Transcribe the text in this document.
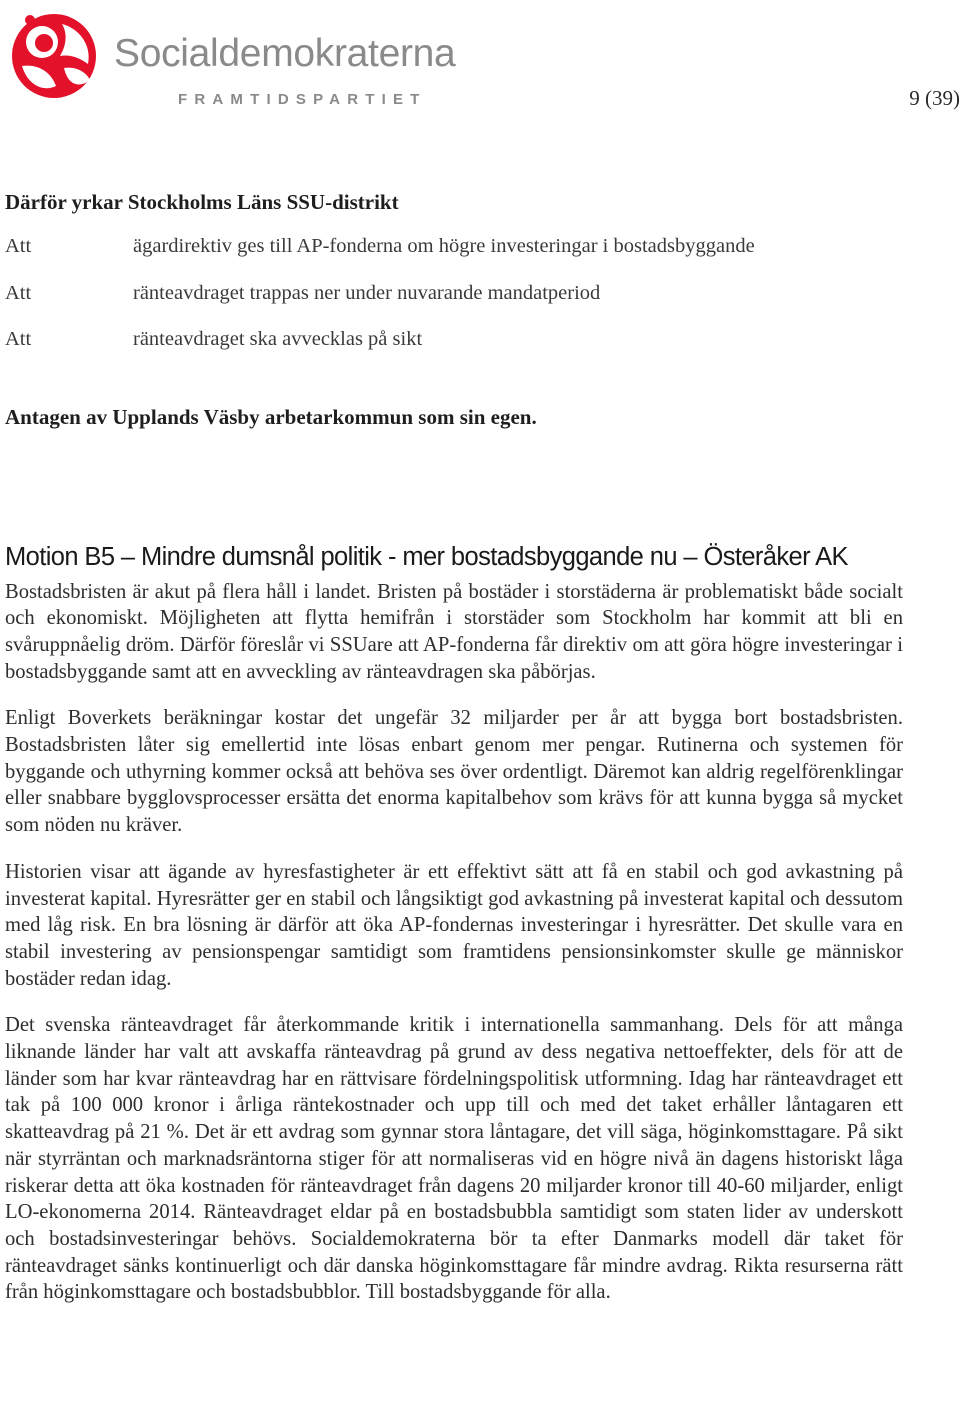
Socialdemokraterna
FRAMTIDSPARTIET	9 (39)
Därför yrkar Stockholms Läns SSU-distrikt
Att	ägardirektiv ges till AP-fonderna om högre investeringar i bostadsbyggande
Att	ränteavdraget trappas ner under nuvarande mandatperiod
Att	ränteavdraget ska avvecklas på sikt
Antagen av Upplands Väsby arbetarkommun som sin egen.
Motion B5 – Mindre dumsnål politik - mer bostadsbyggande nu – Österåker AK

Bostadsbristen är akut på flera håll i landet. Bristen på bostäder i storstäderna är problematiskt både socialt och ekonomiskt. Möjligheten att flytta hemifrån i storstäder som Stockholm har kommit att bli en svåruppnåelig dröm. Därför föreslår vi SSUare att AP-fonderna får direktiv om att göra högre investeringar i bostadsbyggande samt att en avveckling av ränteavdragen ska påbörjas.

Enligt Boverkets beräkningar kostar det ungefär 32 miljarder per år att bygga bort bostadsbristen. Bostadsbristen låter sig emellertid inte lösas enbart genom mer pengar. Rutinerna och systemen för byggande och uthyrning kommer också att behöva ses över ordentligt. Däremot kan aldrig regelförenklingar eller snabbare bygglovsprocesser ersätta det enorma kapitalbehov som krävs för att kunna bygga så mycket som nöden nu kräver.

Historien visar att ägande av hyresfastigheter är ett effektivt sätt att få en stabil och god avkastning på investerat kapital. Hyresrätter ger en stabil och långsiktigt god avkastning på investerat kapital och dessutom med låg risk. En bra lösning är därför att öka AP-fondernas investeringar i hyresrätter. Det skulle vara en stabil investering av pensionspengar samtidigt som framtidens pensionsinkomster skulle ge människor bostäder redan idag.

Det svenska ränteavdraget får återkommande kritik i internationella sammanhang. Dels för att många liknande länder har valt att avskaffa ränteavdrag på grund av dess negativa nettoeffekter, dels för att de länder som har kvar ränteavdrag har en rättvisare fördelningspolitisk utformning. Idag har ränteavdraget ett tak på 100 000 kronor i årliga räntekostnader och upp till och med det taket erhåller låntagaren ett skatteavdrag på 21 %. Det är ett avdrag som gynnar stora låntagare, det vill säga, höginkomsttagare. På sikt när styrräntan och marknadsräntorna stiger för att normaliseras vid en högre nivå än dagens historiskt låga riskerar detta att öka kostnaden för ränteavdraget från dagens 20 miljarder kronor till 40-60 miljarder, enligt LO-ekonomerna 2014. Ränteavdraget eldar på en bostadsbubbla samtidigt som staten lider av underskott och bostadsinvesteringar behövs. Socialdemokraterna bör ta efter Danmarks modell där taket för ränteavdraget sänks kontinuerligt och där danska höginkomsttagare får mindre avdrag. Rikta resurserna rätt från höginkomsttagare och bostadsbubblor. Till bostadsbyggande för alla.
